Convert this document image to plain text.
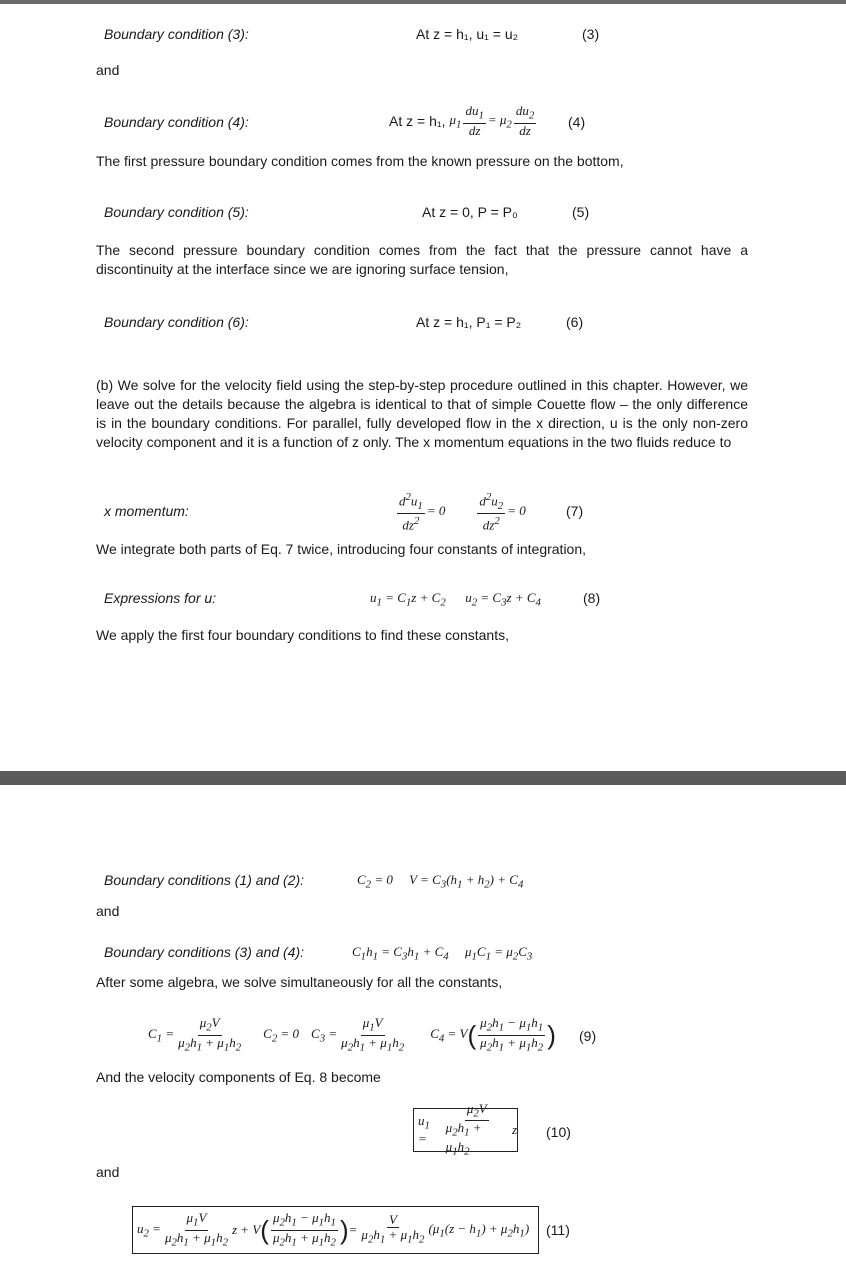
Boundary condition (3):	At z = h₁, u₁ = u₂	(3)
and
Boundary condition (4):	At z = h₁, $\mu_1 \frac{du_1}{dz} = \mu_2 \frac{du_2}{dz} (4)$
The first pressure boundary condition comes from the known pressure on the bottom,
Boundary condition (5):	At z = 0, P = P₀	(5)
The second pressure boundary condition comes from the fact that the pressure cannot have a discontinuity at the interface since we are ignoring surface tension,
Boundary condition (6):	At z = h₁, P₁ = P₂	(6)
(b) We solve for the velocity field using the step-by-step procedure outlined in this chapter. However, we leave out the details because the algebra is identical to that of simple Couette flow – the only difference is in the boundary conditions. For parallel, fully developed flow in the x direction, u is the only non-zero velocity component and it is a function of z only. The x momentum equations in the two fluids reduce to
x momentum:	$\frac{d^2u_1}{dz^2} = 0 \frac{d^2u_2}{dz^2} = 0$	(7)
We integrate both parts of Eq. 7 twice, introducing four constants of integration,
Expressions for u:	$u_1 = C_1z + C_2$      $u_2 = C_3z + C_4$	(8)
We apply the first four boundary conditions to find these constants,
Boundary conditions (1) and (2):	$C_2 = 0$     $V = C_3(h_1 + h_2) + C_4$
and
Boundary conditions (3) and (4):	$C_1h_1 = C_3h_1 + C_4$     $\mu_1C_1 = \mu_2C_3$
After some algebra, we solve simultaneously for all the constants,
$C_1 = \frac{\mu_2V}{\mu_2h_1 + \mu_1h_2} C_2 = 0$ $C_3 = \frac{\mu_1V}{\mu_2h_1 + \mu_1h_2} C_4 = V$ ( $\frac{\mu_2h_1 - \mu_1h_1}{\mu_2h_1 + \mu_1h_2}$ ) (9)
And the velocity components of Eq. 8 become
$u_1$ =	$\frac{\mu_2V}{\mu_2h_1 + \mu_1h_2}$ z (10)
and
$u_2 = \frac{\mu_1V}{\mu_2h_1 + \mu_1h_2}$ z + V ( $\frac{\mu_2h_1 - \mu_1h_1}{\mu_2h_1 + \mu_1h_2}$ ) = $\frac{V}{\mu_2h_1 + \mu_1h_2} (\mu_1(z - h_1) + \mu_2h_1)$ (11)
